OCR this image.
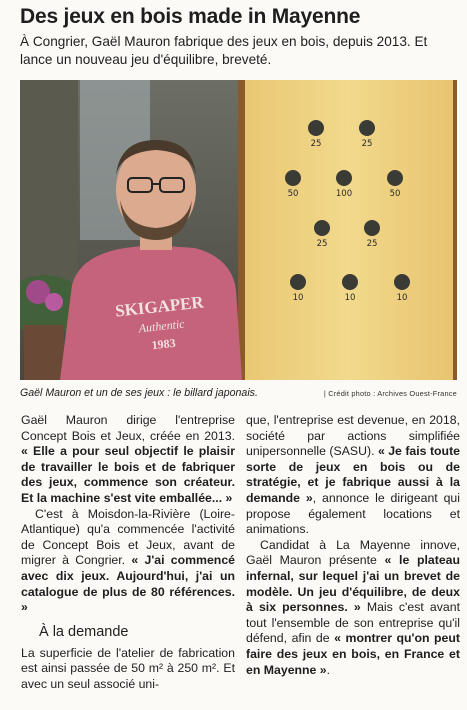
Des jeux en bois made in Mayenne

À Congrier, Gaël Mauron fabrique des jeux en bois, depuis 2013. Et lance un nouveau jeu d'équilibre, breveté.

25	25
50	100	50
25	25
10	10	10
SKIGAPER
Authentic
1983
Gaël Mauron et un de ses jeux : le billard japonais.	| Crédit photo : Archives Ouest-France

Gaël Mauron dirige l'entreprise Concept Bois et Jeux, créée en 2013. « Elle a pour seul objectif le plaisir de travailler le bois et de fabriquer des jeux, commence son créateur. Et la machine s'est vite emballée... »

C'est à Moisdon-la-Rivière (Loire-Atlantique) qu'a commencée l'activité de Concept Bois et Jeux, avant de migrer à Congrier. « J'ai commencé avec dix jeux. Aujourd'hui, j'ai un catalogue de plus de 80 références. »

À la demande

La superficie de l'atelier de fabrication est ainsi passée de 50 m² à 250 m². Et avec un seul associé uni-

que, l'entreprise est devenue, en 2018, société par actions simplifiée unipersonnelle (SASU). « Je fais toute sorte de jeux en bois ou de stratégie, et je fabrique aussi à la demande », annonce le dirigeant qui propose également locations et animations.

Candidat à La Mayenne innove, Gaël Mauron présente « le plateau infernal, sur lequel j'ai un brevet de modèle. Un jeu d'équilibre, de deux à six personnes. » Mais c'est avant tout l'ensemble de son entreprise qu'il défend, afin de « montrer qu'on peut faire des jeux en bois, en France et en Mayenne ».
